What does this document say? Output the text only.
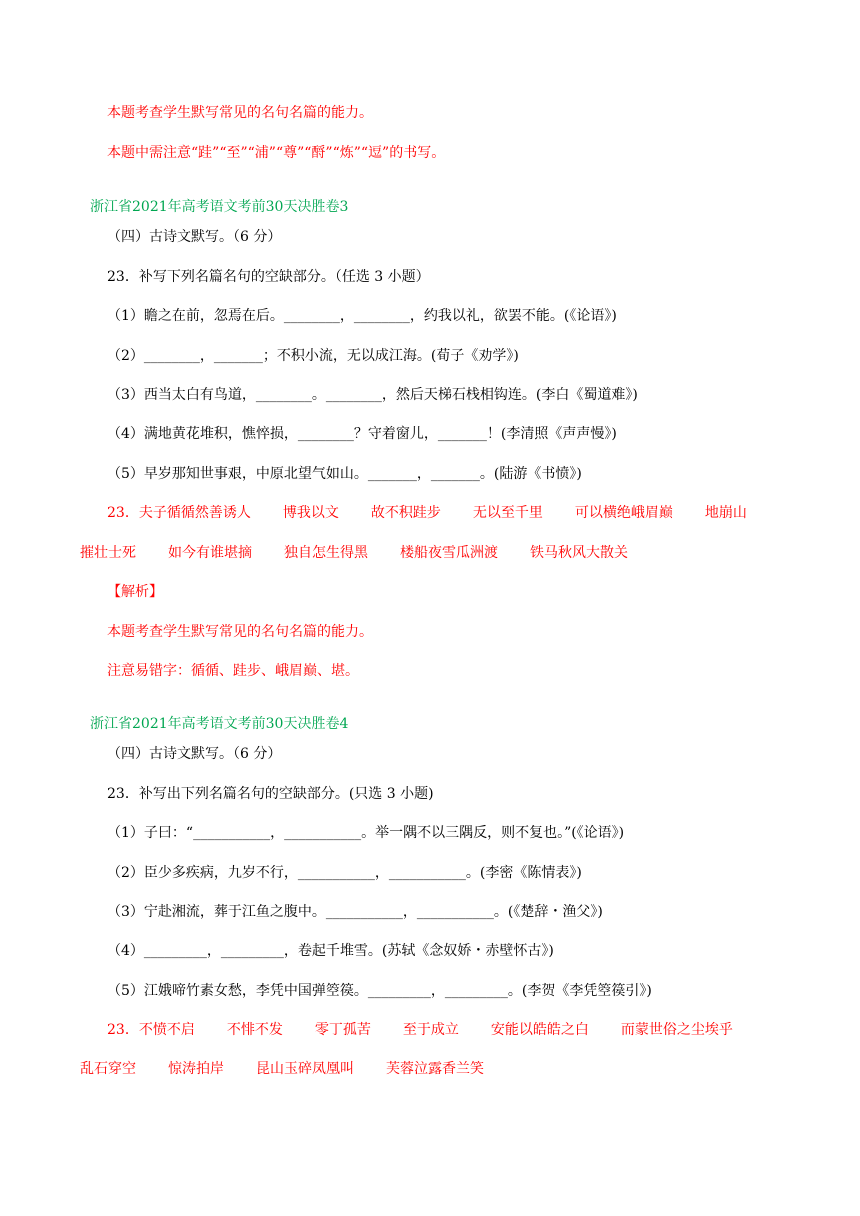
本题考查学生默写常见的名句名篇的能力。
本题中需注意“跬”“至”“浦”“尊”“酹”“炼”“逗”的书写。
浙江省2021年高考语文考前30天决胜卷3
（四）古诗文默写。（6 分）
23．补写下列名篇名句的空缺部分。（任选 3 小题）
（1）瞻之在前，忽焉在后。________，________，约我以礼，欲罢不能。(《论语》)
（2）________，_______；不积小流，无以成江海。(荀子《劝学》)
（3）西当太白有鸟道，________。________，然后天梯石栈相钩连。(李白《蜀道难》)
（4）满地黄花堆积，憔悴损，________？守着窗儿，_______！(李清照《声声慢》)
（5）早岁那知世事艰，中原北望气如山。_______，_______。(陆游《书愤》)
23．夫子循循然善诱人 博我以文 故不积跬步 无以至千里 可以横绝峨眉巅 地崩山
摧壮士死 如今有谁堪摘 独自怎生得黑 楼船夜雪瓜洲渡 铁马秋风大散关
【解析】
本题考查学生默写常见的名句名篇的能力。
注意易错字：循循、跬步、峨眉巅、堪。
浙江省2021年高考语文考前30天决胜卷4
（四）古诗文默写。（6 分）
23．补写出下列名篇名句的空缺部分。(只选 3 小题)
（1）子曰：“___________，___________。举一隅不以三隅反，则不复也。”(《论语》)
（2）臣少多疾病，九岁不行，___________，___________。(李密《陈情表》)
（3）宁赴湘流，葬于江鱼之腹中。___________，___________。(《楚辞・渔父》)
（4）_________，_________，卷起千堆雪。(苏轼《念奴娇・赤壁怀古》)
（5）江娥啼竹素女愁，李凭中国弹箜篌。_________，_________。(李贺《李凭箜篌引》)
23．不愤不启 不悱不发 零丁孤苦 至于成立 安能以皓皓之白 而蒙世俗之尘埃乎
乱石穿空 惊涛拍岸 昆山玉碎凤凰叫 芙蓉泣露香兰笑
